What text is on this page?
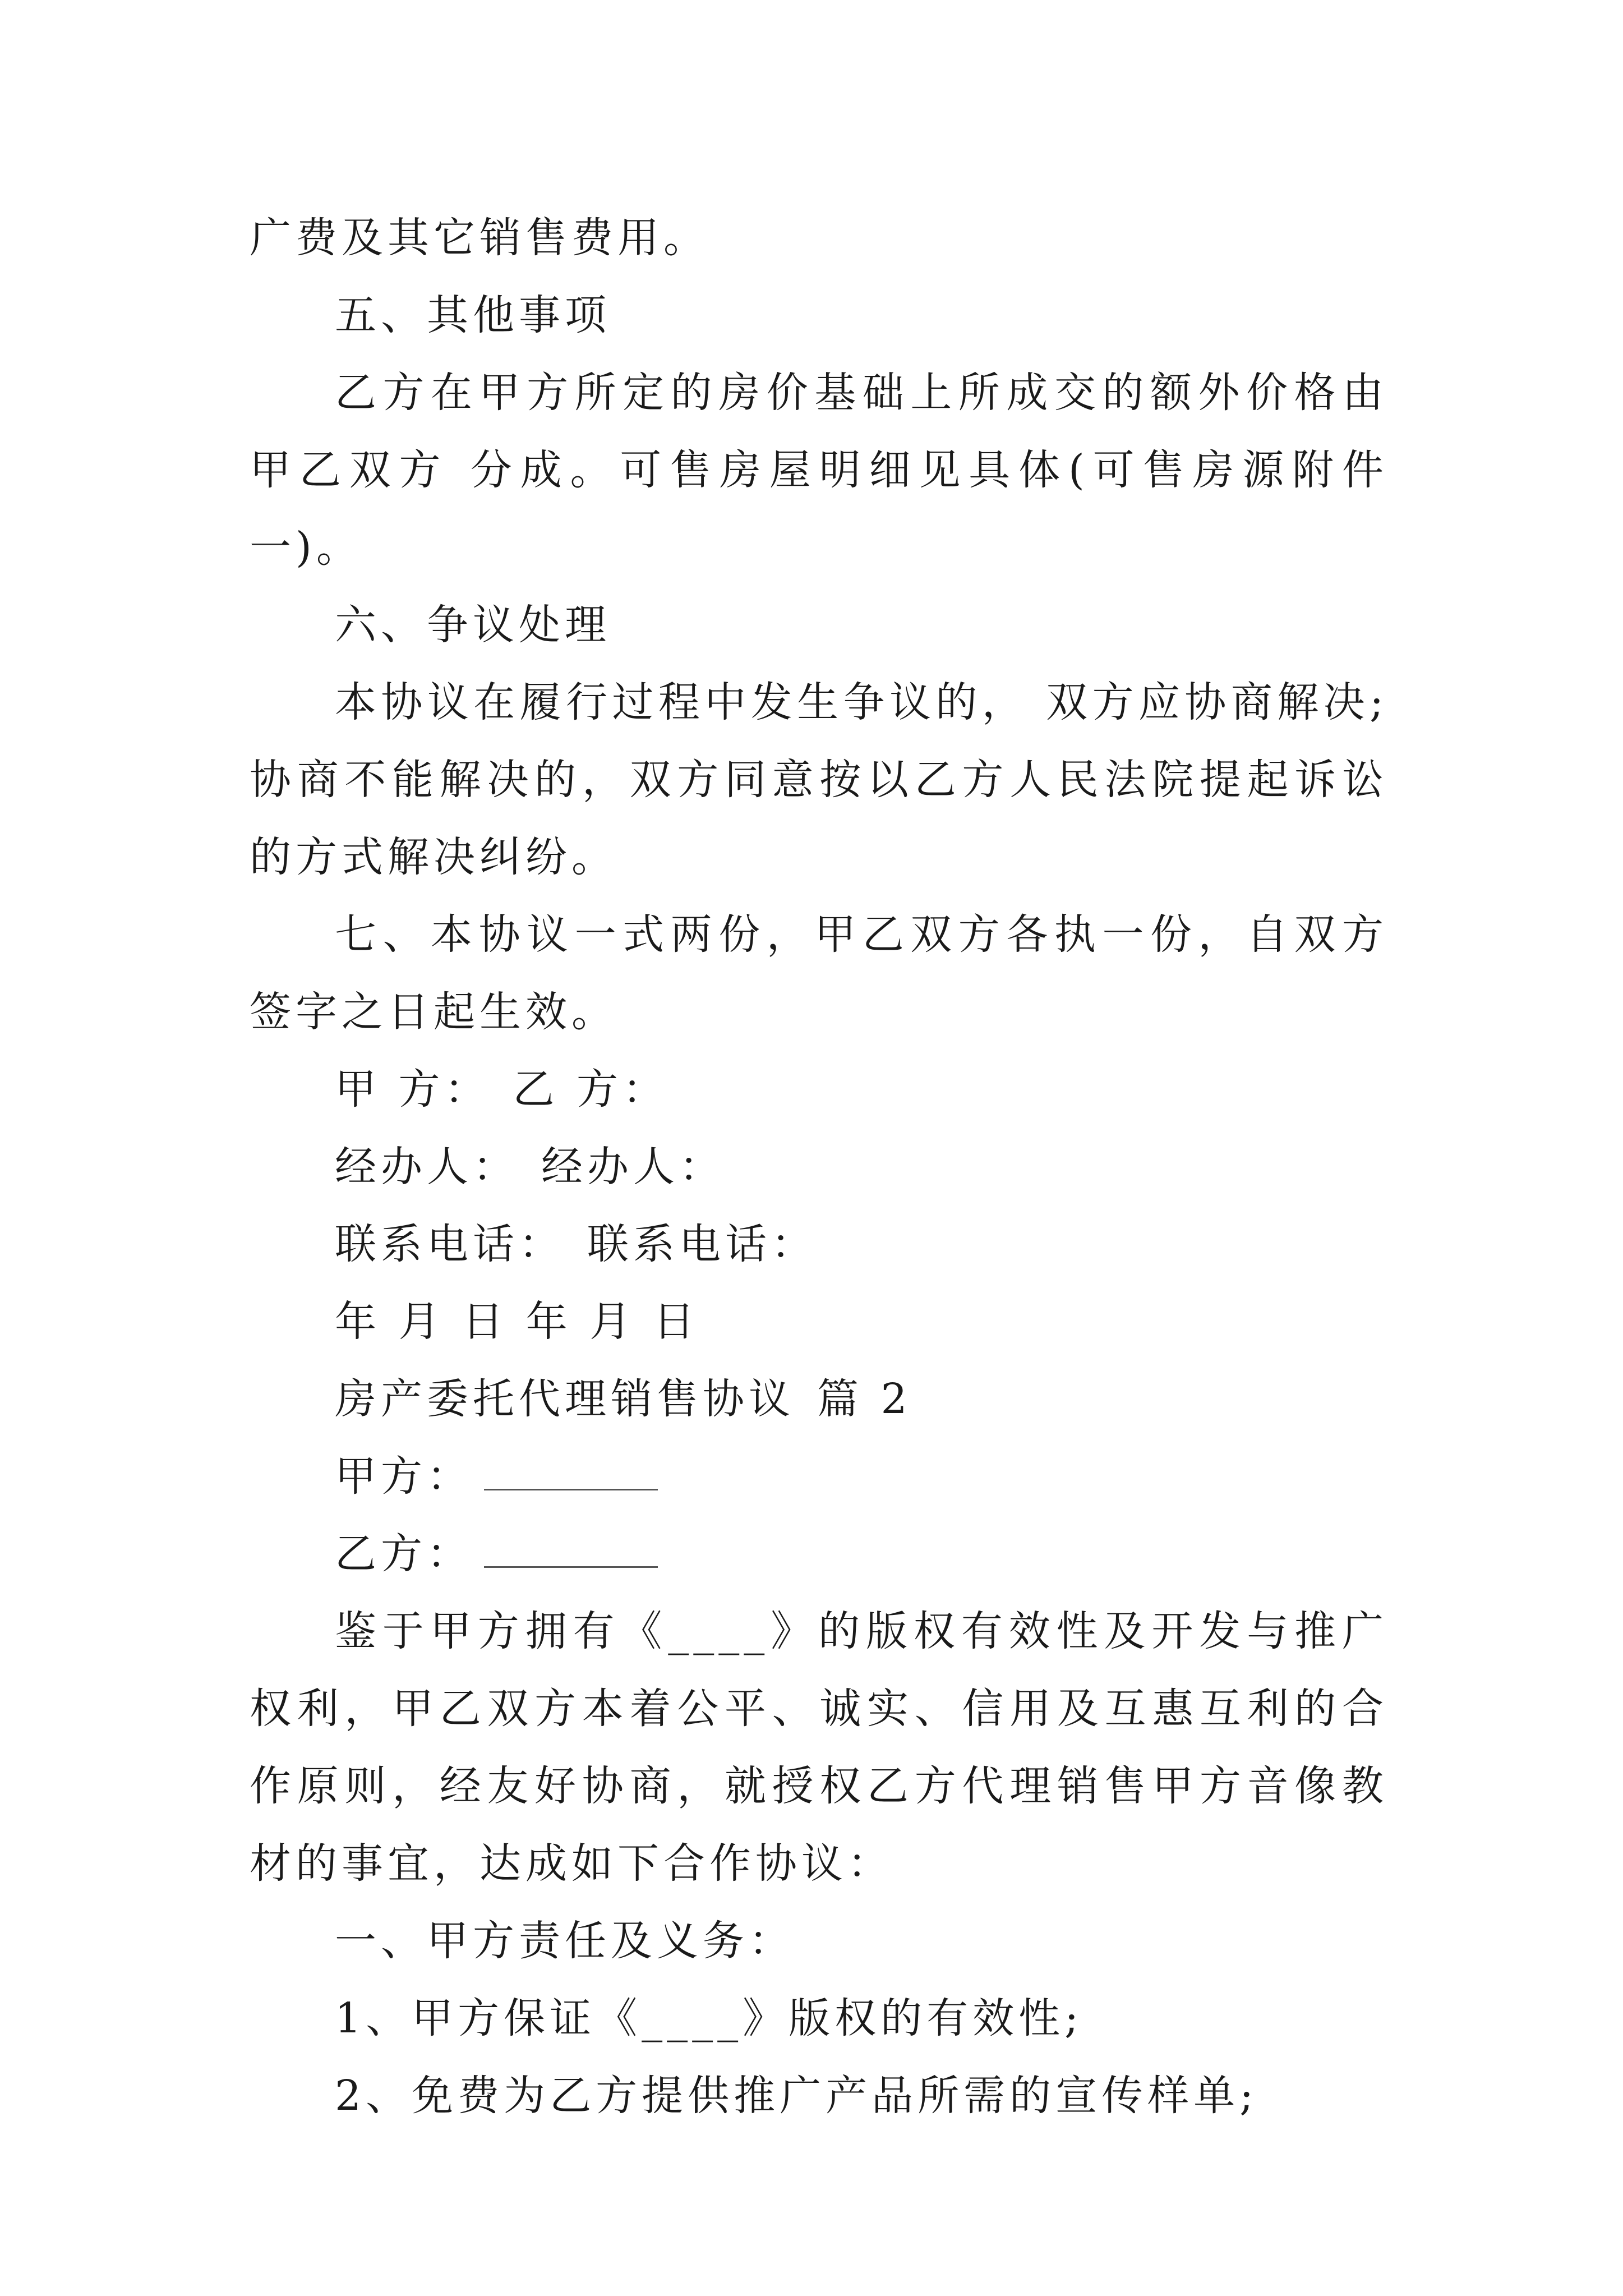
广费及其它销售费用。

五、其他事项

乙方在甲方所定的房价基础上所成交的额外价格由甲乙双方 分成。可售房屋明细见具体(可售房源附件一)。

六、争议处理

本协议在履行过程中发生争议的， 双方应协商解决;协商不能解决的，双方同意按以乙方人民法院提起诉讼的方式解决纠纷。

七、本协议一式两份，甲乙双方各执一份，自双方签字之日起生效。

甲 方： 乙 方：
经办人： 经办人：
联系电话： 联系电话：
年 月 日 年 月 日
房产委托代理销售协议 篇 2
甲方：
乙方：

鉴于甲方拥有《____》的版权有效性及开发与推广权利，甲乙双方本着公平、诚实、信用及互惠互利的合作原则，经友好协商，就授权乙方代理销售甲方音像教材的事宜，达成如下合作协议：

一、甲方责任及义务：

1、甲方保证《____》版权的有效性;

2、免费为乙方提供推广产品所需的宣传样单;
